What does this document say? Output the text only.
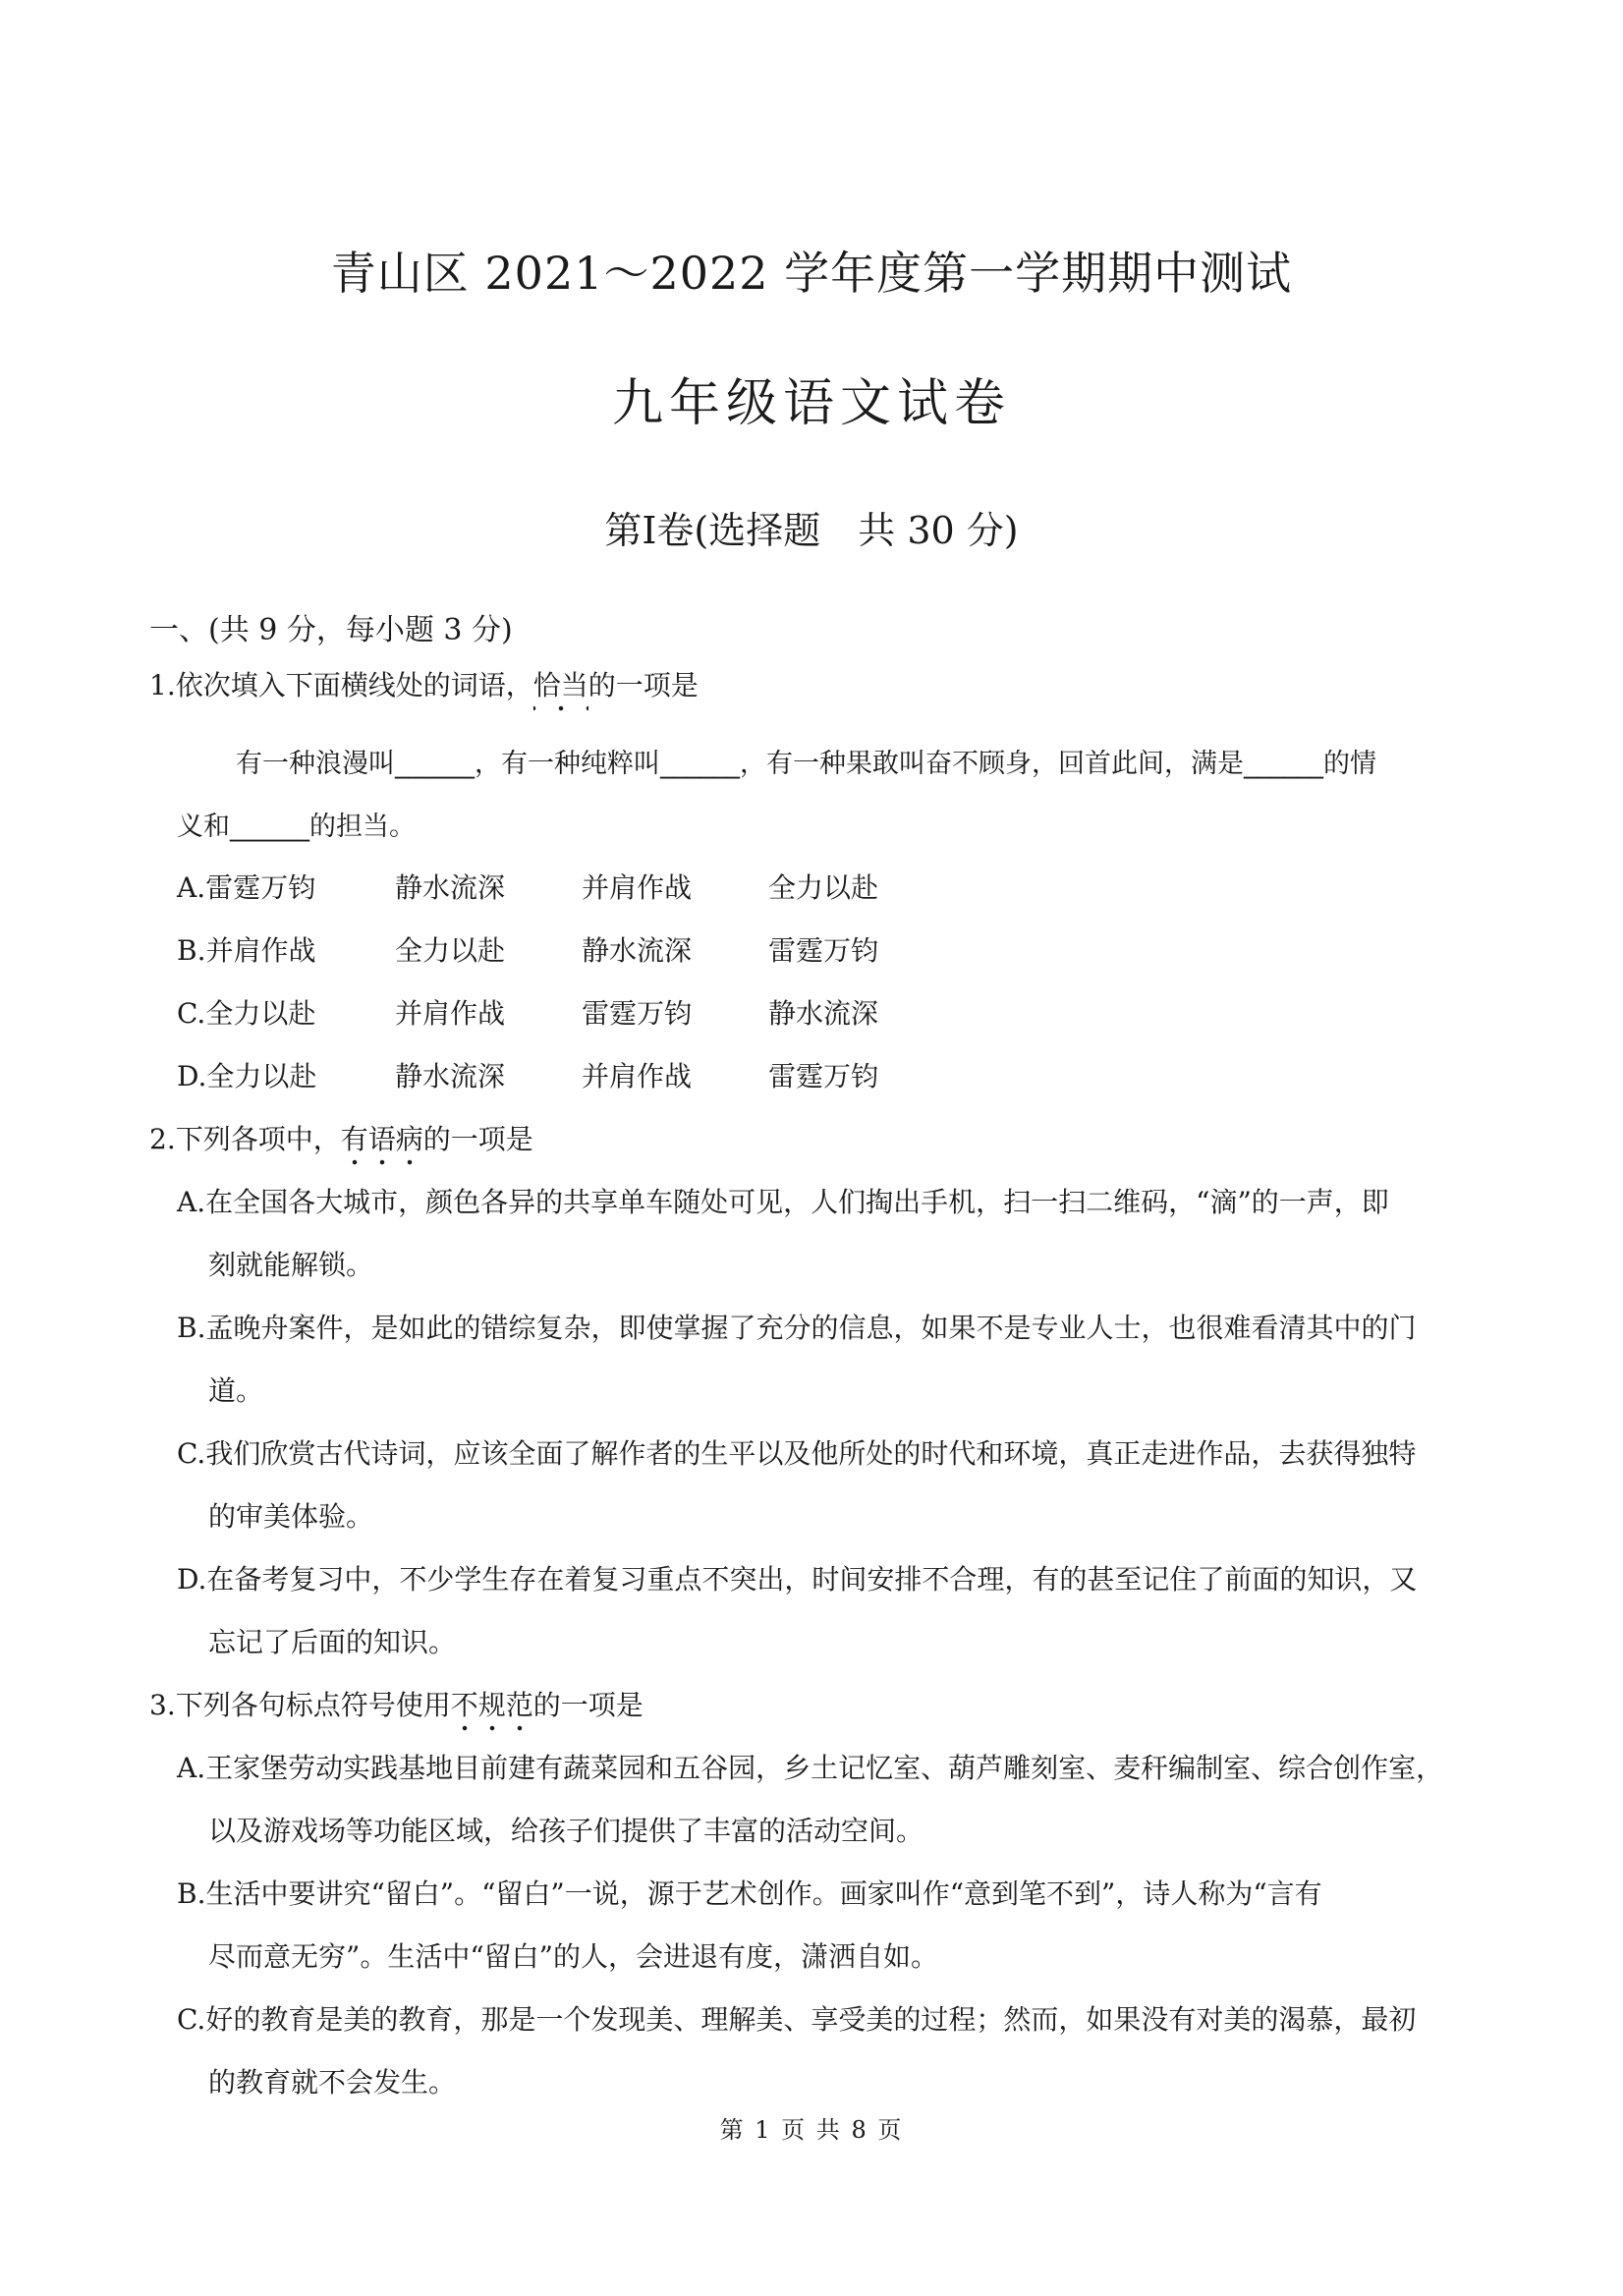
青山区 2021～2022 学年度第一学期期中测试
九年级语文试卷
第Ⅰ卷(选择题　共 30 分)
一、(共 9 分，每小题 3 分)
1.依次填入下面横线处的词语，恰当的一项是
有一种浪漫叫______，有一种纯粹叫______，有一种果敢叫奋不顾身，回首此间，满是______的情
义和______的担当。
A.雷霆万钧	静水流深	并肩作战	全力以赴
B.并肩作战	全力以赴	静水流深	雷霆万钧
C.全力以赴	并肩作战	雷霆万钧	静水流深
D.全力以赴	静水流深	并肩作战	雷霆万钧
2.下列各项中，有语病的一项是
A.在全国各大城市，颜色各异的共享单车随处可见，人们掏出手机，扫一扫二维码，“滴”的一声，即
刻就能解锁。
B.孟晚舟案件，是如此的错综复杂，即使掌握了充分的信息，如果不是专业人士，也很难看清其中的门
道。
C.我们欣赏古代诗词，应该全面了解作者的生平以及他所处的时代和环境，真正走进作品，去获得独特
的审美体验。
D.在备考复习中，不少学生存在着复习重点不突出，时间安排不合理，有的甚至记住了前面的知识，又
忘记了后面的知识。
3.下列各句标点符号使用不规范的一项是
A.王家堡劳动实践基地目前建有蔬菜园和五谷园，乡土记忆室、葫芦雕刻室、麦秆编制室、综合创作室，
以及游戏场等功能区域，给孩子们提供了丰富的活动空间。
B.生活中要讲究“留白”。“留白”一说，源于艺术创作。画家叫作“意到笔不到”，诗人称为“言有
尽而意无穷”。生活中“留白”的人，会进退有度，潇洒自如。
C.好的教育是美的教育，那是一个发现美、理解美、享受美的过程；然而，如果没有对美的渴慕，最初
的教育就不会发生。
第 1 页 共 8 页
